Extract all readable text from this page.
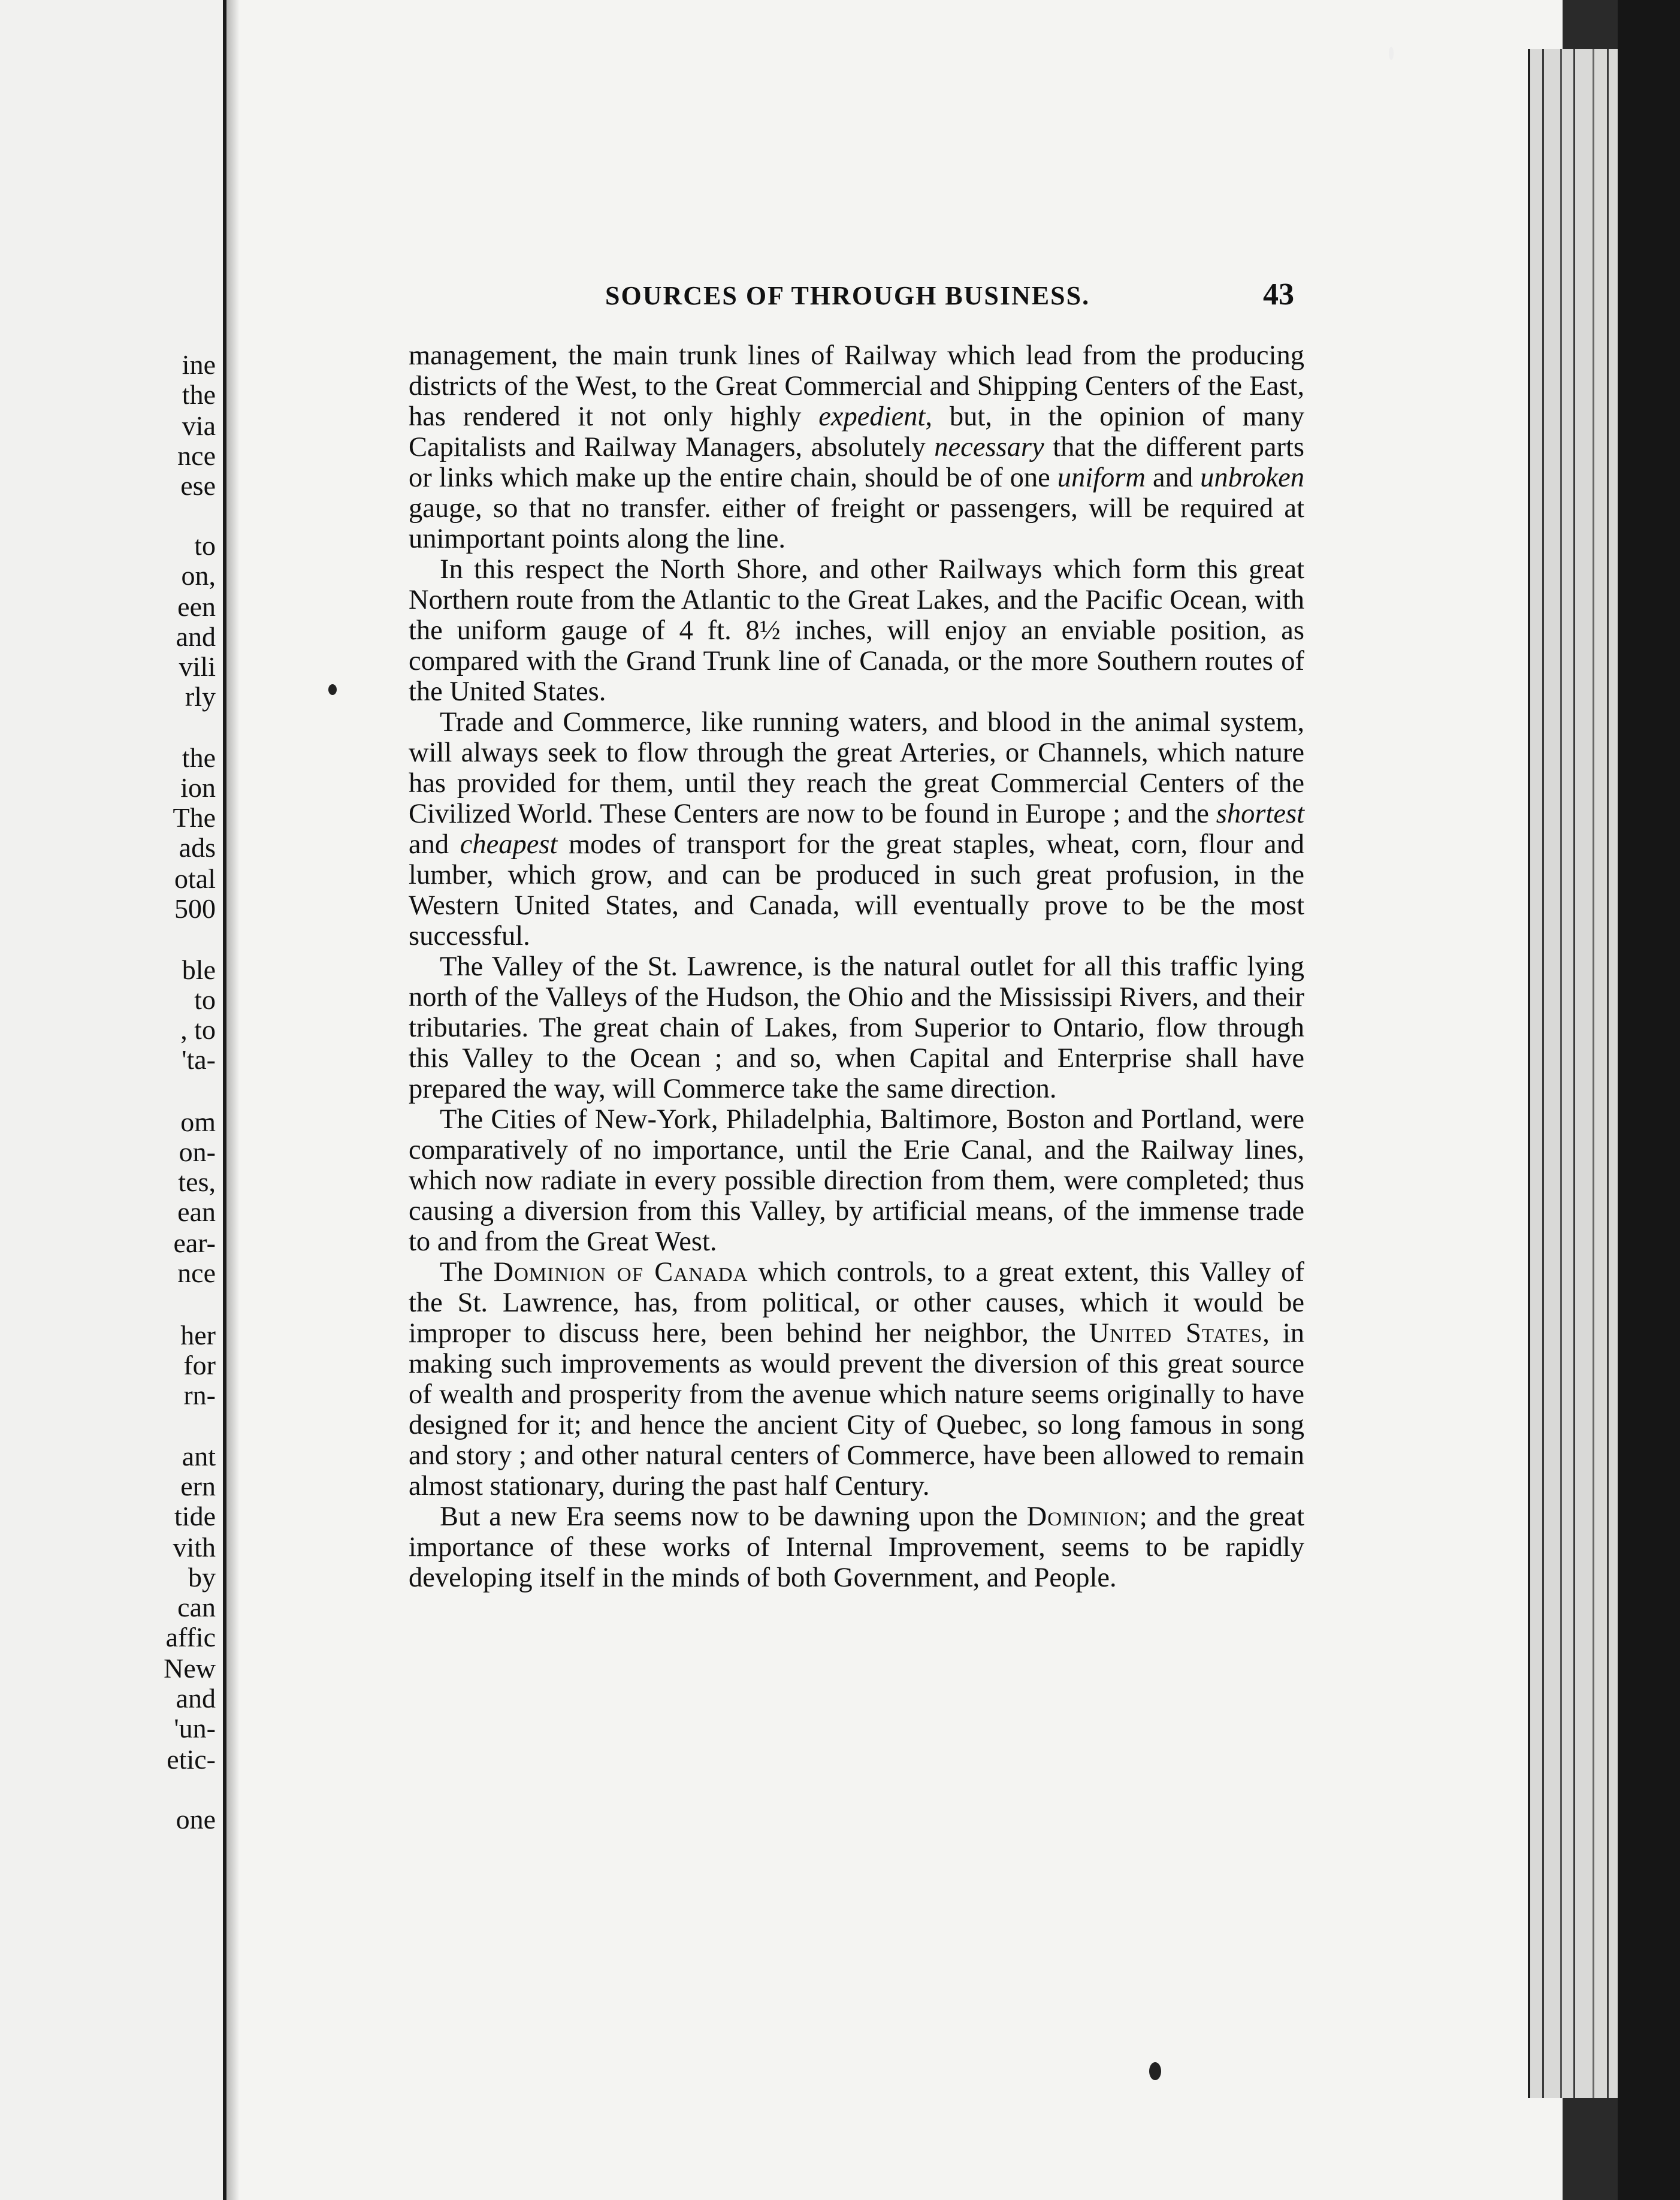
ine
the
via
nce
ese
to
on,
een
and
vili
rly
the
ion
The
ads
otal
500
ble
to
, to
'ta-
om
on-
tes,
ean
ear-
nce
her
for
rn-
ant
ern
tide
vith
by
can
affic
New
and
'un-
etic-
one
SOURCES OF THROUGH BUSINESS.	43

management, the main trunk lines of Railway which lead from the producing districts of the West, to the Great Commercial and Shipping Centers of the East, has rendered it not only highly expedient, but, in the opinion of many Capitalists and Railway Managers, absolutely necessary that the different parts or links which make up the entire chain, should be of one uniform and unbroken gauge, so that no transfer. either of freight or passengers, will be required at unimportant points along the line.

In this respect the North Shore, and other Railways which form this great Northern route from the Atlantic to the Great Lakes, and the Pacific Ocean, with the uniform gauge of 4 ft. 8½ inches, will enjoy an enviable position, as compared with the Grand Trunk line of Canada, or the more Southern routes of the United States.

Trade and Commerce, like running waters, and blood in the animal system, will always seek to flow through the great Arteries, or Channels, which nature has provided for them, until they reach the great Commercial Centers of the Civilized World. These Centers are now to be found in Europe ; and the shortest and cheapest modes of transport for the great staples, wheat, corn, flour and lumber, which grow, and can be produced in such great profusion, in the Western United States, and Canada, will eventually prove to be the most successful.

The Valley of the St. Lawrence, is the natural outlet for all this traffic lying north of the Valleys of the Hudson, the Ohio and the Mississipi Rivers, and their tributaries. The great chain of Lakes, from Superior to Ontario, flow through this Valley to the Ocean ; and so, when Capital and Enterprise shall have prepared the way, will Commerce take the same direction.

The Cities of New-York, Philadelphia, Baltimore, Boston and Portland, were comparatively of no importance, until the Erie Canal, and the Railway lines, which now radiate in every possible direction from them, were completed; thus causing a diversion from this Valley, by artificial means, of the immense trade to and from the Great West.

The Dominion of Canada which controls, to a great extent, this Valley of the St. Lawrence, has, from political, or other causes, which it would be improper to discuss here, been behind her neighbor, the United States, in making such improvements as would prevent the diversion of this great source of wealth and prosperity from the avenue which nature seems originally to have designed for it; and hence the ancient City of Quebec, so long famous in song and story ; and other natural centers of Commerce, have been allowed to remain almost stationary, during the past half Century.

But a new Era seems now to be dawning upon the Dominion; and the great importance of these works of Internal Improvement, seems to be rapidly developing itself in the minds of both Government, and People.
